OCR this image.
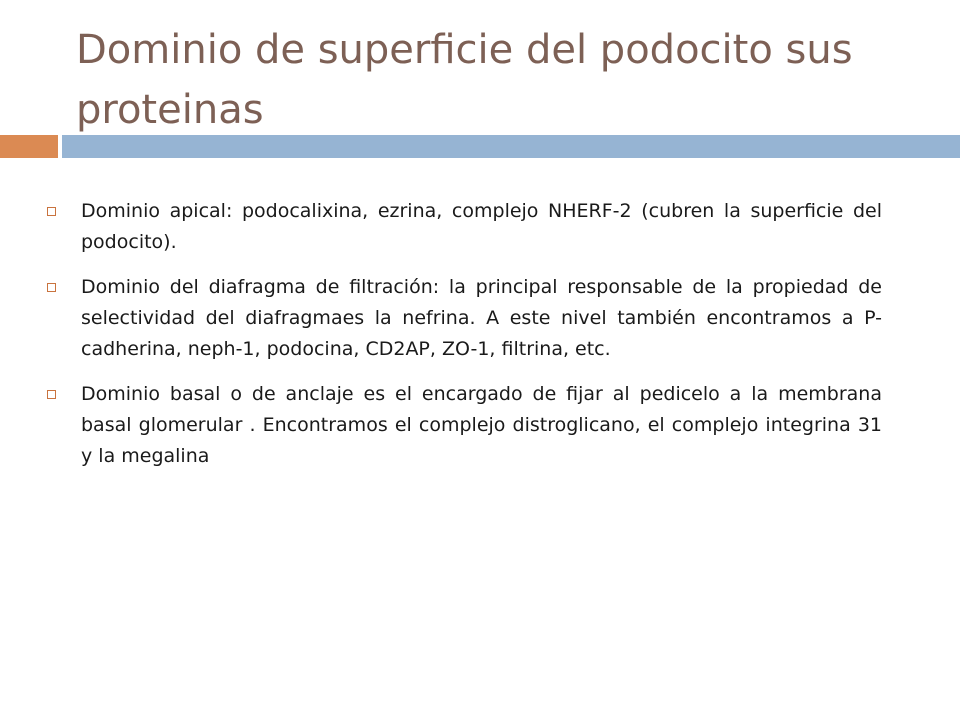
Dominio de superficie del podocito sus proteinas
Dominio apical: podocalixina, ezrina, complejo NHERF-2 (cubren la superficie del podocito).
Dominio del diafragma de filtración: la principal responsable de la propiedad de selectividad del diafragmaes la nefrina. A este nivel también encontramos a P-cadherina, neph-1, podocina, CD2AP, ZO-1, filtrina, etc.
Dominio basal o de anclaje es el encargado de fijar al pedicelo a la membrana basal glomerular . Encontramos el complejo distroglicano, el complejo integrina 31 y la megalina
